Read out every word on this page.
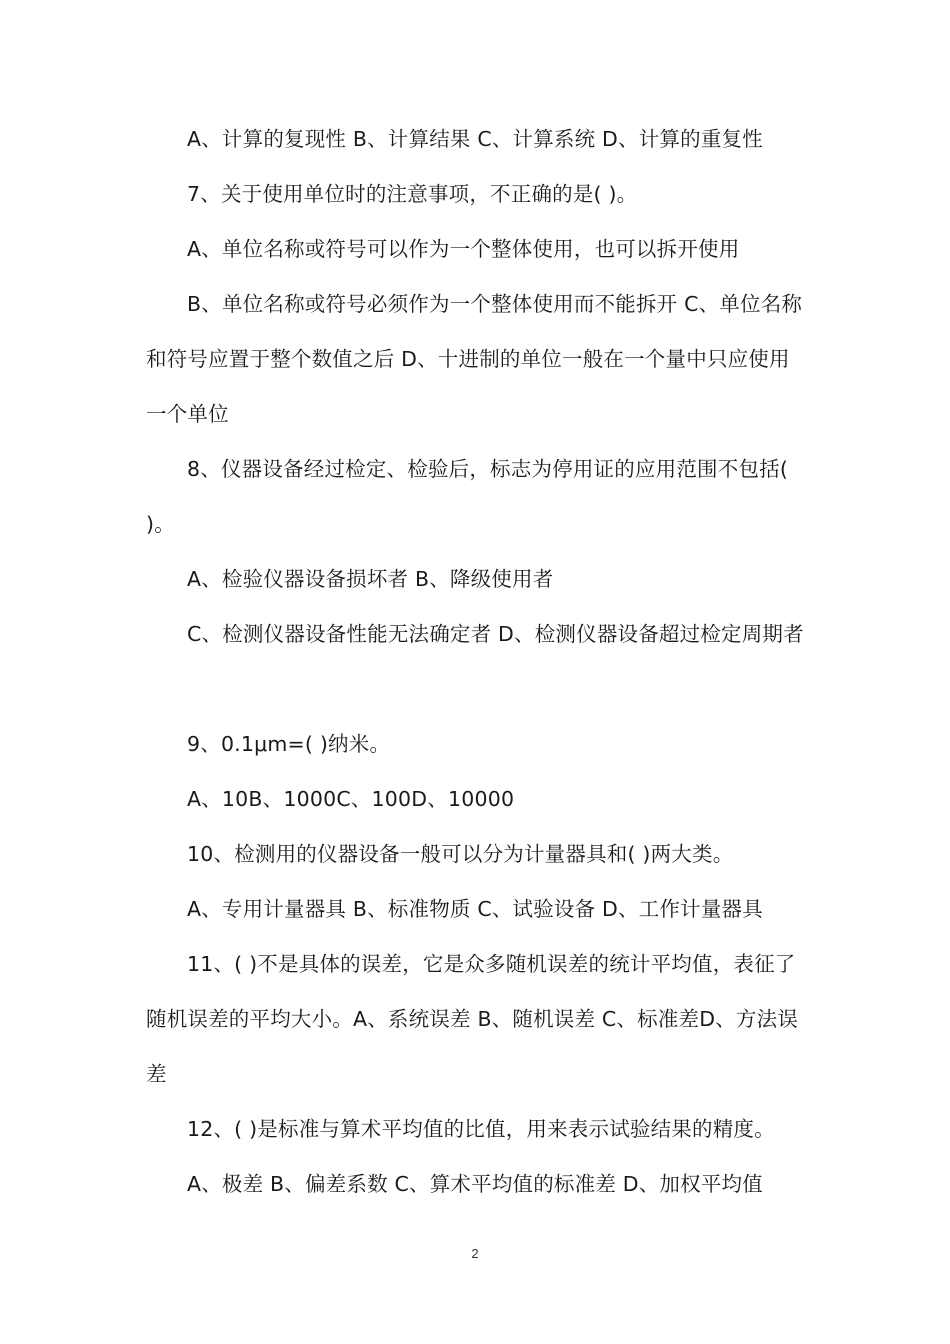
A、计算的复现性 B、计算结果 C、计算系统 D、计算的重复性

7、关于使用单位时的注意事项，不正确的是( )。

A、单位名称或符号可以作为一个整体使用，也可以拆开使用

B、单位名称或符号必须作为一个整体使用而不能拆开 C、单位名称和符号应置于整个数值之后 D、十进制的单位一般在一个量中只应使用一个单位

8、仪器设备经过检定、检验后，标志为停用证的应用范围不包括( )。

A、检验仪器设备损坏者 B、降级使用者

C、检测仪器设备性能无法确定者 D、检测仪器设备超过检定周期者

9、0.1μm=( )纳米。

A、10B、1000C、100D、10000

10、检测用的仪器设备一般可以分为计量器具和( )两大类。

A、专用计量器具 B、标准物质 C、试验设备 D、工作计量器具

11、( )不是具体的误差，它是众多随机误差的统计平均值，表征了随机误差的平均大小。A、系统误差 B、随机误差 C、标准差D、方法误差

12、( )是标准与算术平均值的比值，用来表示试验结果的精度。

A、极差 B、偏差系数 C、算术平均值的标准差 D、加权平均值

2
